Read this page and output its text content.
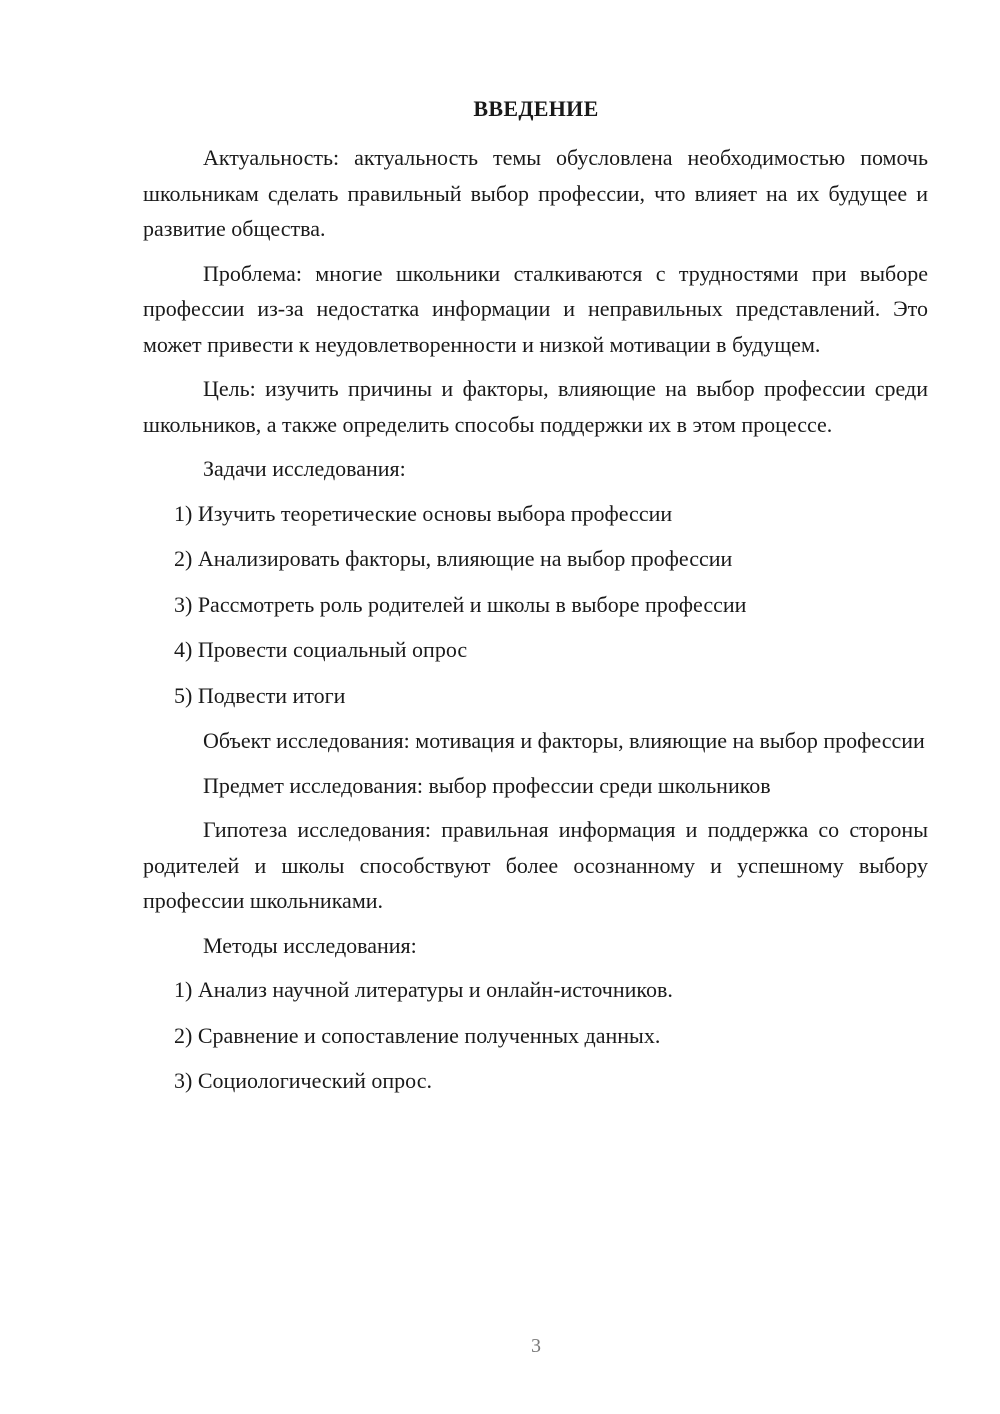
ВВЕДЕНИЕ

Актуальность: актуальность темы обусловлена необходимостью помочь школьникам сделать правильный выбор профессии, что влияет на их будущее и развитие общества.

Проблема: многие школьники сталкиваются с трудностями при выборе профессии из-за недостатка информации и неправильных представлений. Это может привести к неудовлетворенности и низкой мотивации в будущем.

Цель: изучить причины и факторы, влияющие на выбор профессии среди школьников, а также определить способы поддержки их в этом процессе.

Задачи исследования:

1) Изучить теоретические основы выбора профессии
2) Анализировать факторы, влияющие на выбор профессии
3) Рассмотреть роль родителей и школы в выборе профессии
4) Провести социальный опрос
5) Подвести итоги

Объект исследования: мотивация и факторы, влияющие на выбор профессии

Предмет исследования: выбор профессии среди школьников

Гипотеза исследования: правильная информация и поддержка со стороны родителей и школы способствуют более осознанному и успешному выбору профессии школьниками.

Методы исследования:

1) Анализ научной литературы и онлайн-источников.
2) Сравнение и сопоставление полученных данных.
3) Социологический опрос.
3
